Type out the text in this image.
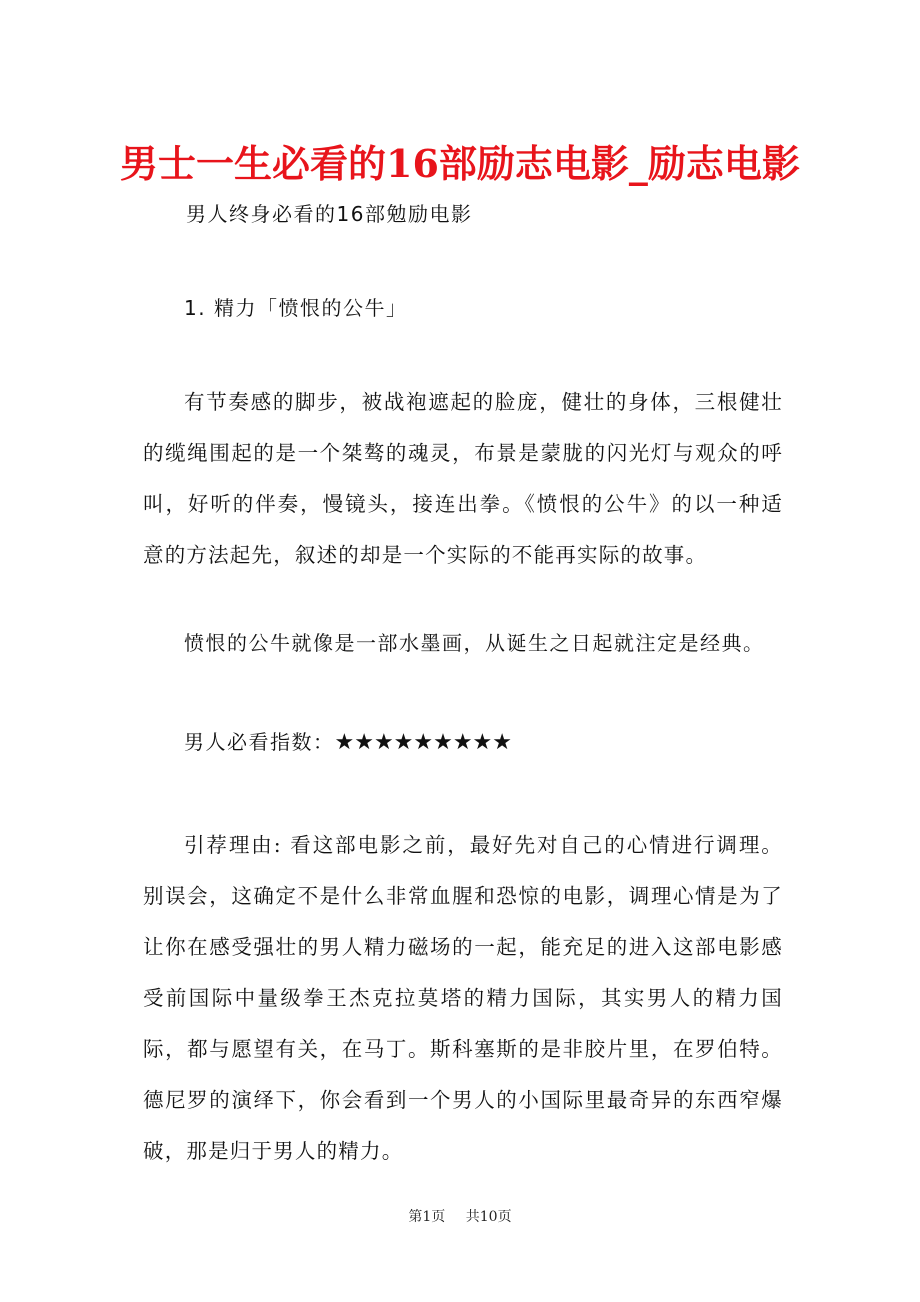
男士一生必看的16部励志电影_励志电影
男人终身必看的16部勉励电影
1. 精力「愤恨的公牛」
有节奏感的脚步，被战袍遮起的脸庞，健壮的身体，三根健壮的缆绳围起的是一个桀骜的魂灵，布景是蒙胧的闪光灯与观众的呼叫，好听的伴奏，慢镜头，接连出拳。《愤恨的公牛》的以一种适意的方法起先，叙述的却是一个实际的不能再实际的故事。
愤恨的公牛就像是一部水墨画，从诞生之日起就注定是经典。
男人必看指数：★★★★★★★★★
引荐理由: 看这部电影之前，最好先对自己的心情进行调理。别误会，这确定不是什么非常血腥和恐惊的电影，调理心情是为了让你在感受强壮的男人精力磁场的一起，能充足的进入这部电影感受前国际中量级拳王杰克拉莫塔的精力国际，其实男人的精力国际，都与愿望有关，在马丁。斯科塞斯的是非胶片里，在罗伯特。德尼罗的演绎下，你会看到一个男人的小国际里最奇异的东西窄爆破，那是归于男人的精力。
第1页 共10页
